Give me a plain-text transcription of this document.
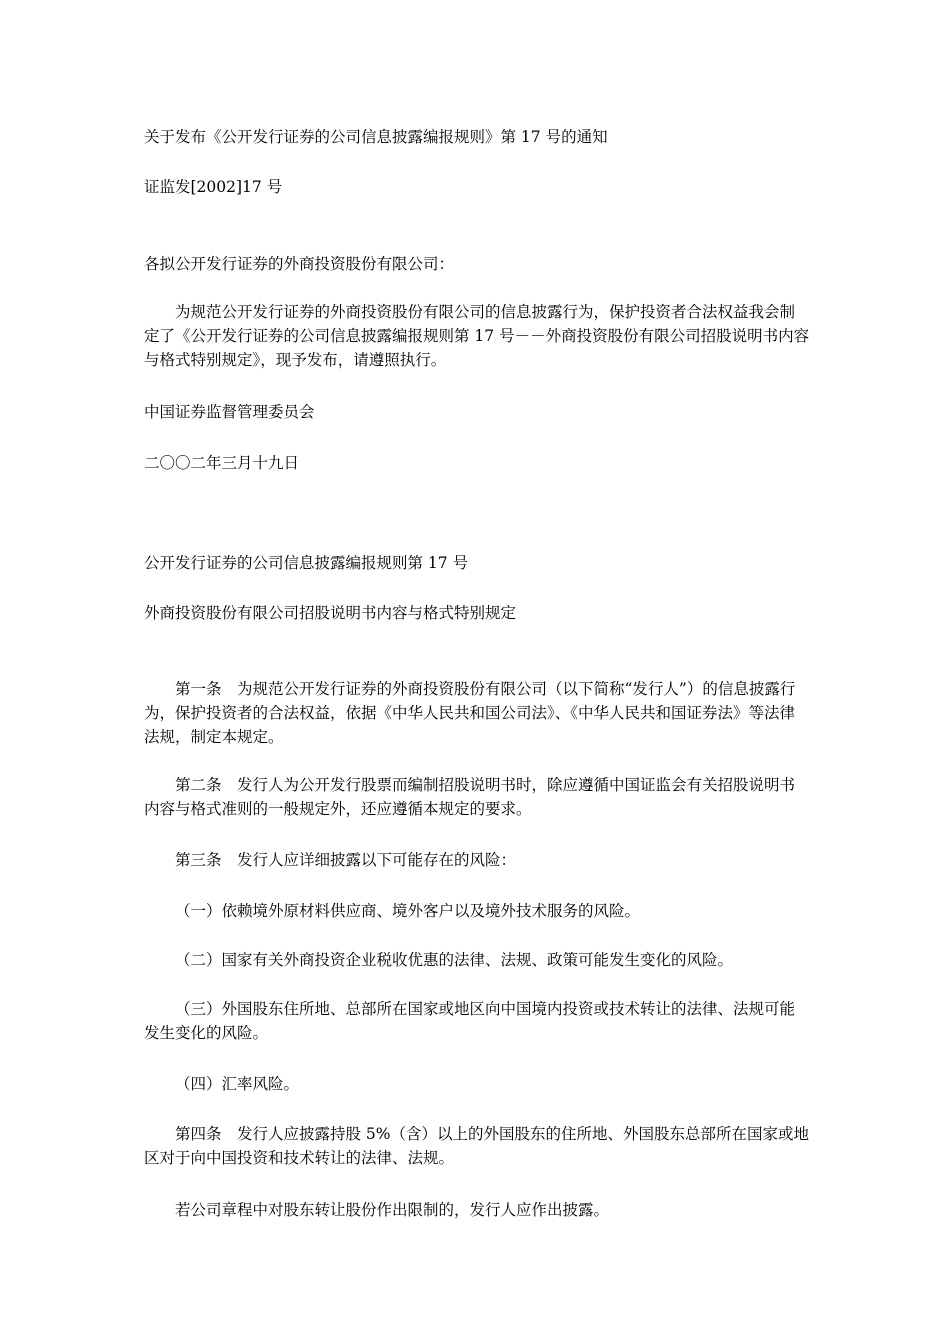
关于发布《公开发行证券的公司信息披露编报规则》第 17 号的通知

证监发[2002]17 号

各拟公开发行证券的外商投资股份有限公司：

为规范公开发行证券的外商投资股份有限公司的信息披露行为，保护投资者合法权益我会制定了《公开发行证券的公司信息披露编报规则第 17 号－－外商投资股份有限公司招股说明书内容与格式特别规定》，现予发布，请遵照执行。

中国证券监督管理委员会

二〇〇二年三月十九日

公开发行证券的公司信息披露编报规则第 17 号

外商投资股份有限公司招股说明书内容与格式特别规定

第一条　为规范公开发行证券的外商投资股份有限公司（以下简称“发行人”）的信息披露行为，保护投资者的合法权益，依据《中华人民共和国公司法》、《中华人民共和国证券法》等法律法规，制定本规定。

第二条　发行人为公开发行股票而编制招股说明书时，除应遵循中国证监会有关招股说明书内容与格式准则的一般规定外，还应遵循本规定的要求。

第三条　发行人应详细披露以下可能存在的风险：

（一）依赖境外原材料供应商、境外客户以及境外技术服务的风险。

（二）国家有关外商投资企业税收优惠的法律、法规、政策可能发生变化的风险。

（三）外国股东住所地、总部所在国家或地区向中国境内投资或技术转让的法律、法规可能发生变化的风险。

（四）汇率风险。

第四条　发行人应披露持股 5%（含）以上的外国股东的住所地、外国股东总部所在国家或地区对于向中国投资和技术转让的法律、法规。

若公司章程中对股东转让股份作出限制的，发行人应作出披露。
